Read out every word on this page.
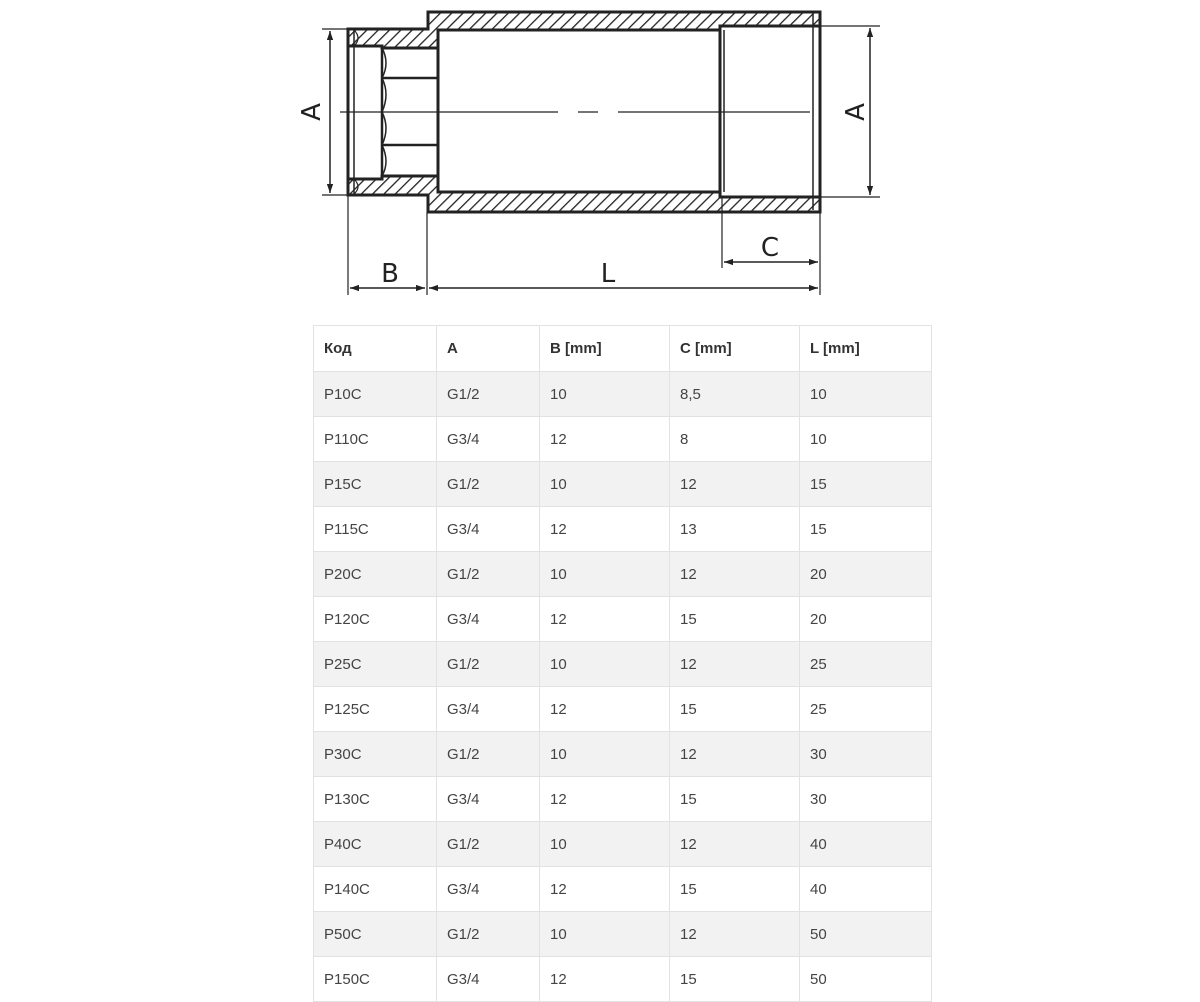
A	A
B	L
C
Код	A	B [mm]	C [mm]	L [mm]
P10C	G1/2	10	8,5	10
P110C	G3/4	12	8	10
P15C	G1/2	10	12	15
P115C	G3/4	12	13	15
P20C	G1/2	10	12	20
P120C	G3/4	12	15	20
P25C	G1/2	10	12	25
P125C	G3/4	12	15	25
P30C	G1/2	10	12	30
P130C	G3/4	12	15	30
P40C	G1/2	10	12	40
P140C	G3/4	12	15	40
P50C	G1/2	10	12	50
P150C	G3/4	12	15	50
